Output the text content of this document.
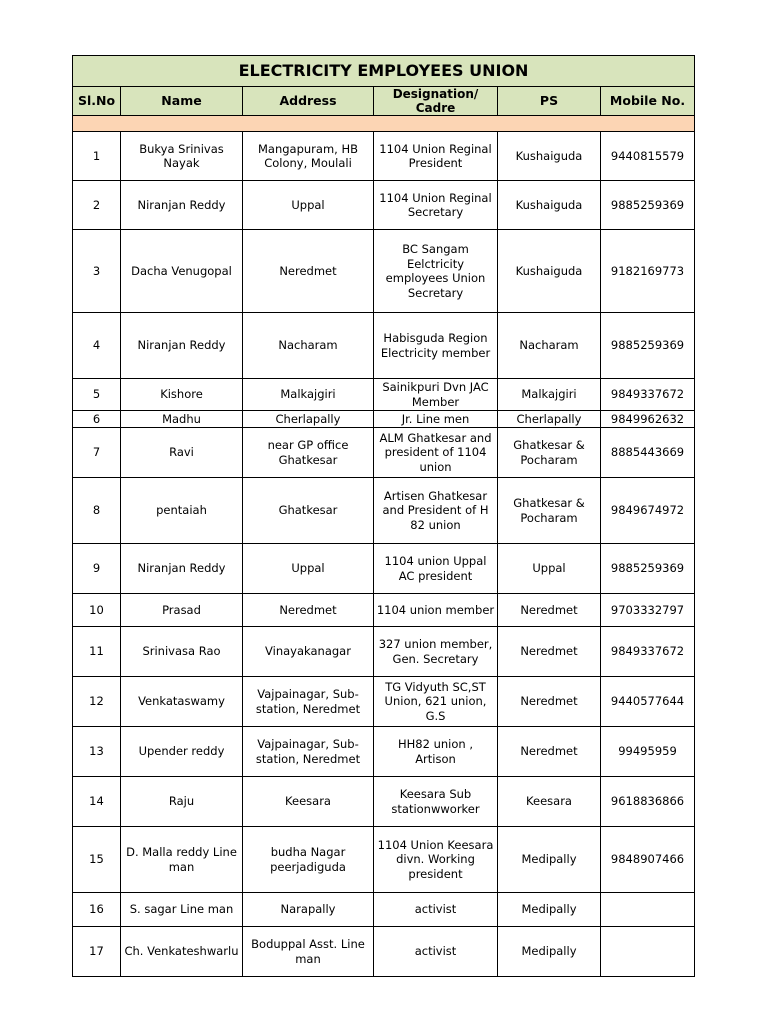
ELECTRICITY EMPLOYEES UNION					
Sl.No	Name	Address	Designation/ Cadre	PS	Mobile No.

1	Bukya Srinivas Nayak	Mangapuram, HB Colony, Moulali	1104 Union Reginal President	Kushaiguda	9440815579
2	Niranjan Reddy	Uppal	1104 Union Reginal Secretary	Kushaiguda	9885259369
3	Dacha Venugopal	Neredmet	BC Sangam Eelctricity employees Union Secretary	Kushaiguda	9182169773
4	Niranjan Reddy	Nacharam	Habisguda Region Electricity member	Nacharam	9885259369
5	Kishore	Malkajgiri	Sainikpuri Dvn JAC Member	Malkajgiri	9849337672
6	Madhu	Cherlapally	Jr. Line men	Cherlapally	9849962632
7	Ravi	near GP office Ghatkesar	ALM Ghatkesar and president of 1104 union	Ghatkesar & Pocharam	8885443669
8	pentaiah	Ghatkesar	Artisen Ghatkesar and President of H 82 union	Ghatkesar & Pocharam	9849674972
9	Niranjan Reddy	Uppal	1104 union Uppal AC president	Uppal	9885259369
10	Prasad	Neredmet	1104 union member	Neredmet	9703332797
11	Srinivasa Rao	Vinayakanagar	327 union member, Gen. Secretary	Neredmet	9849337672
12	Venkataswamy	Vajpainagar, Sub-station, Neredmet	TG Vidyuth SC,ST Union, 621 union, G.S	Neredmet	9440577644
13	Upender reddy	Vajpainagar, Sub-station, Neredmet	HH82 union , Artison	Neredmet	99495959
14	Raju	Keesara	Keesara Sub stationwworker	Keesara	9618836866
15	D. Malla reddy Line man	budha Nagar peerjadiguda	1104 Union Keesara divn. Working president	Medipally	9848907466
16	S. sagar Line man	Narapally	activist	Medipally	
17	Ch. Venkateshwarlu	Boduppal Asst. Line man	activist	Medipally	
